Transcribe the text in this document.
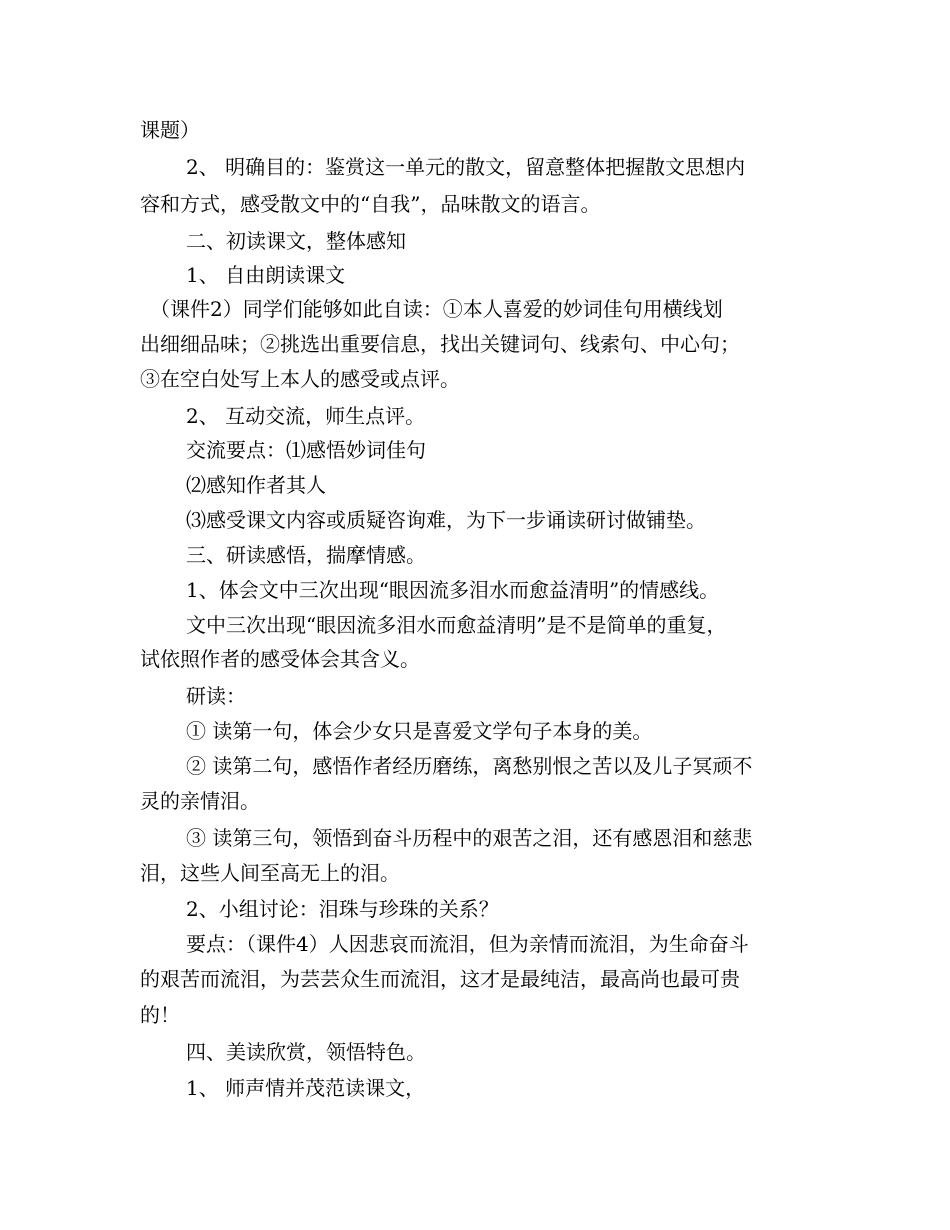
课题）
2、 明确目的：鉴赏这一单元的散文，留意整体把握散文思想内
容和方式，感受散文中的“自我”，品味散文的语言。
二、初读课文，整体感知
1、 自由朗读课文
（课件2）同学们能够如此自读：①本人喜爱的妙词佳句用横线划
出细细品味；②挑选出重要信息，找出关键词句、线索句、中心句；
③在空白处写上本人的感受或点评。
2、 互动交流，师生点评。
交流要点：⑴感悟妙词佳句
⑵感知作者其人
⑶感受课文内容或质疑咨询难，为下一步诵读研讨做铺垫。
三、研读感悟，揣摩情感。
1、体会文中三次出现“眼因流多泪水而愈益清明”的情感线。
文中三次出现“眼因流多泪水而愈益清明”是不是简单的重复，
试依照作者的感受体会其含义。
研读：
① 读第一句，体会少女只是喜爱文学句子本身的美。
② 读第二句，感悟作者经历磨练，离愁别恨之苦以及儿子冥顽不
灵的亲情泪。
③ 读第三句，领悟到奋斗历程中的艰苦之泪，还有感恩泪和慈悲
泪，这些人间至高无上的泪。
2、小组讨论：泪珠与珍珠的关系？
要点：（课件4）人因悲哀而流泪，但为亲情而流泪，为生命奋斗
的艰苦而流泪，为芸芸众生而流泪，这才是最纯洁，最高尚也最可贵
的！
四、美读欣赏，领悟特色。
1、 师声情并茂范读课文，
